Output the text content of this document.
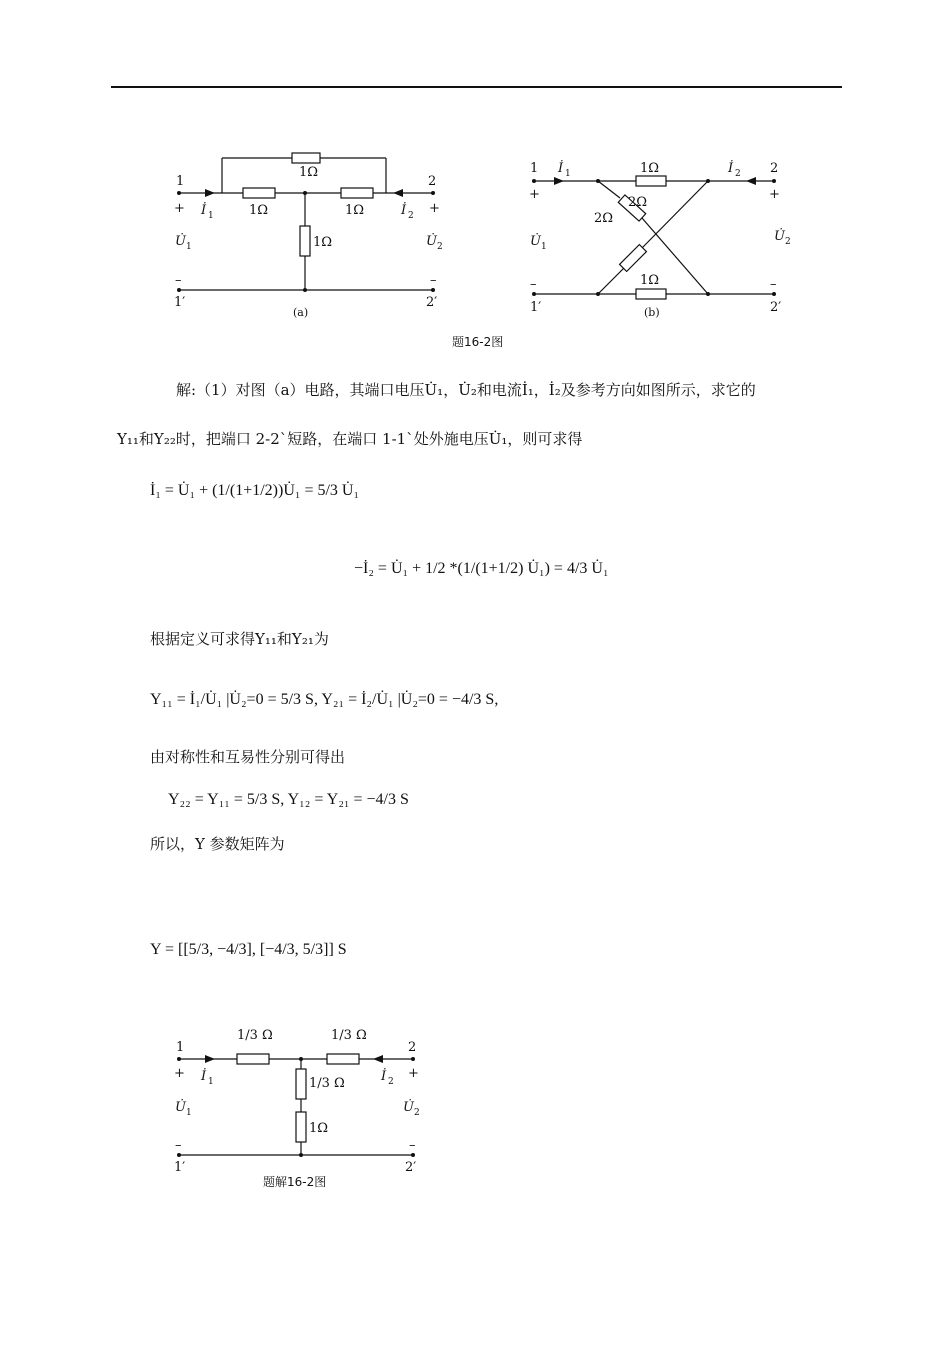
1Ω
1Ω	1Ω
1Ω
1	2
+	+
–	–
1′	2′
İ 1	İ 2
U̇ 1	U̇ 2
(a)
1Ω
1Ω
2Ω
2Ω
1	2
+	+
–	–
1′	2′
İ 1	İ 2
U̇ 1
U̇ 2
(b)
题16-2图
解:（1）对图（a）电路，其端口电压U̇₁，U̇₂和电流İ₁，İ₂及参考方向如图所示，求它的
Y₁₁和Y₂₂时，把端口 2-2`短路，在端口 1-1`处外施电压U̇₁，则可求得
İ₁ = U̇₁ + (1/(1+1/2))U̇₁ = 5/3 U̇₁
−İ₂ = U̇₁ + 1/2 *(1/(1+1/2) U̇₁) = 4/3 U̇₁
根据定义可求得Y₁₁和Y₂₁为
Y₁₁ = İ₁/U̇₁ |U̇₂=0 = 5/3 S, Y₂₁ = İ₂/U̇₁ |U̇₂=0 = −4/3 S,
由对称性和互易性分别可得出
Y₂₂ = Y₁₁ = 5/3 S, Y₁₂ = Y₂₁ = −4/3 S
所以，Y 参数矩阵为
Y = [[5/3, −4/3], [−4/3, 5/3]] S
1/3 Ω	1/3 Ω
1/3 Ω
1Ω
1	2
+	+
–	–
1′	2′
İ 1	İ 2
U̇ 1	U̇ 2
题解16-2图
